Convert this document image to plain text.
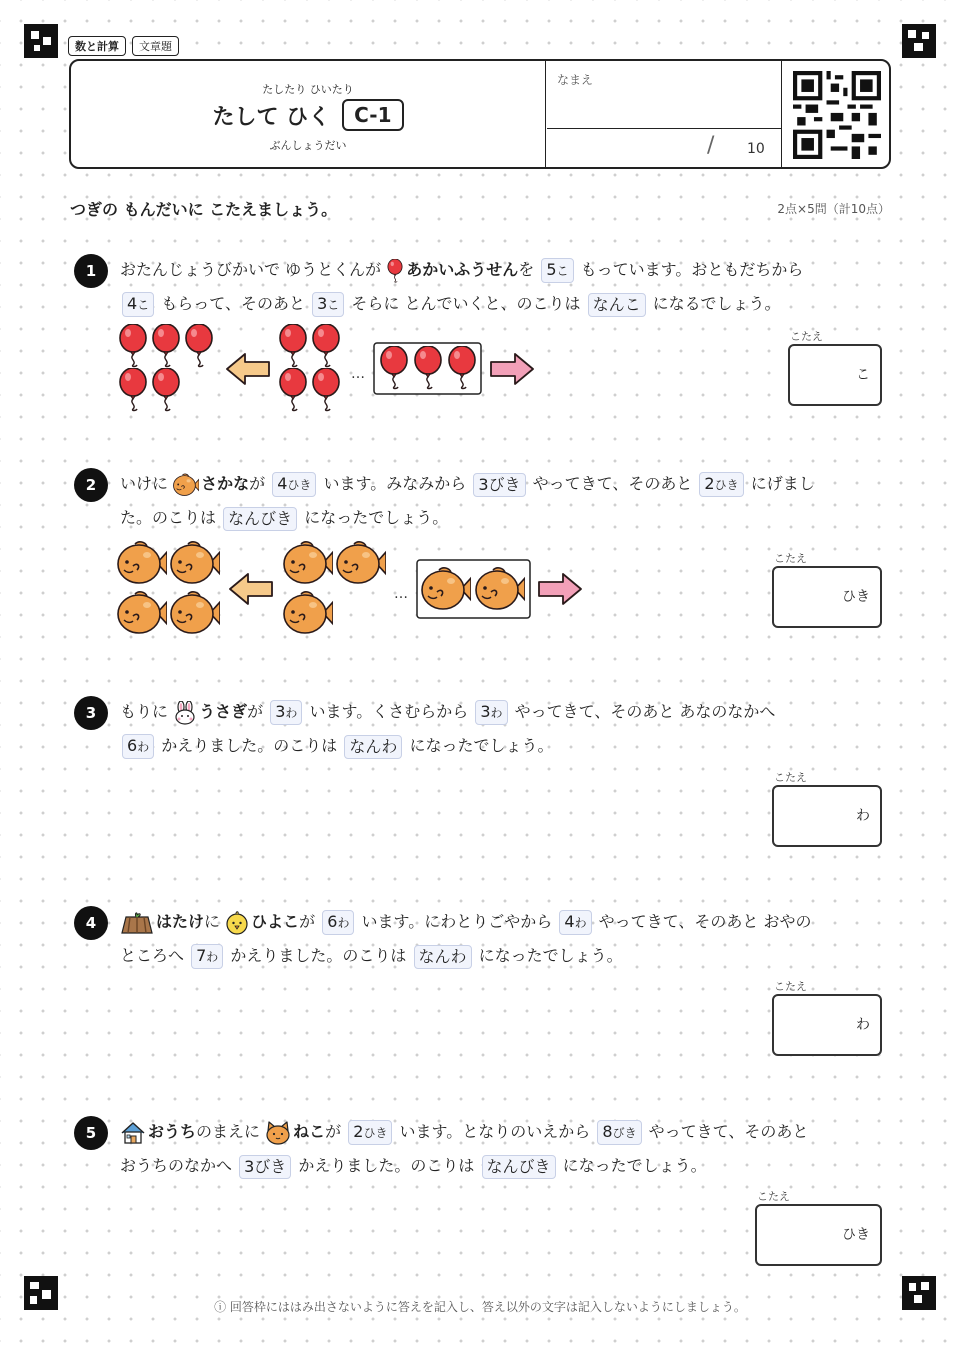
数と計算	文章題
たしたり ひいたり
たして ひく	C-1
ぶんしょうだい
なまえ
/ 10
つぎの もんだいに こたえましょう。	2点×5問（計10点）
1	おたんじょうびかいで ゆうとくんが あかいふうせんを 5こ もっています。おともだちから
4こ もらって、そのあと 3こ そらに とんでいくと、のこりは なんこ になるでしょう。
…
こたえ
こ
2	いけに さかなが 4ひき います。みなみから 3びき やってきて、そのあと 2ひき にげまし
た。のこりは なんびき になったでしょう。
…
こたえ
ひき
3	もりに うさぎが 3わ います。くさむらから 3わ やってきて、そのあと あなのなかへ
6わ かえりました。のこりは なんわ になったでしょう。
こたえ
わ
4	はたけに ひよこが 6わ います。にわとりごやから 4わ やってきて、そのあと おやの
ところへ 7わ かえりました。のこりは なんわ になったでしょう。
こたえ
わ
5	おうちのまえに ねこが 2ひき います。となりのいえから 8びき やってきて、そのあと
おうちのなかへ 3びき かえりました。のこりは なんびき になったでしょう。
こたえ
ひき
ⓘ 回答枠にははみ出さないように答えを記入し、答え以外の文字は記入しないようにしましょう。
